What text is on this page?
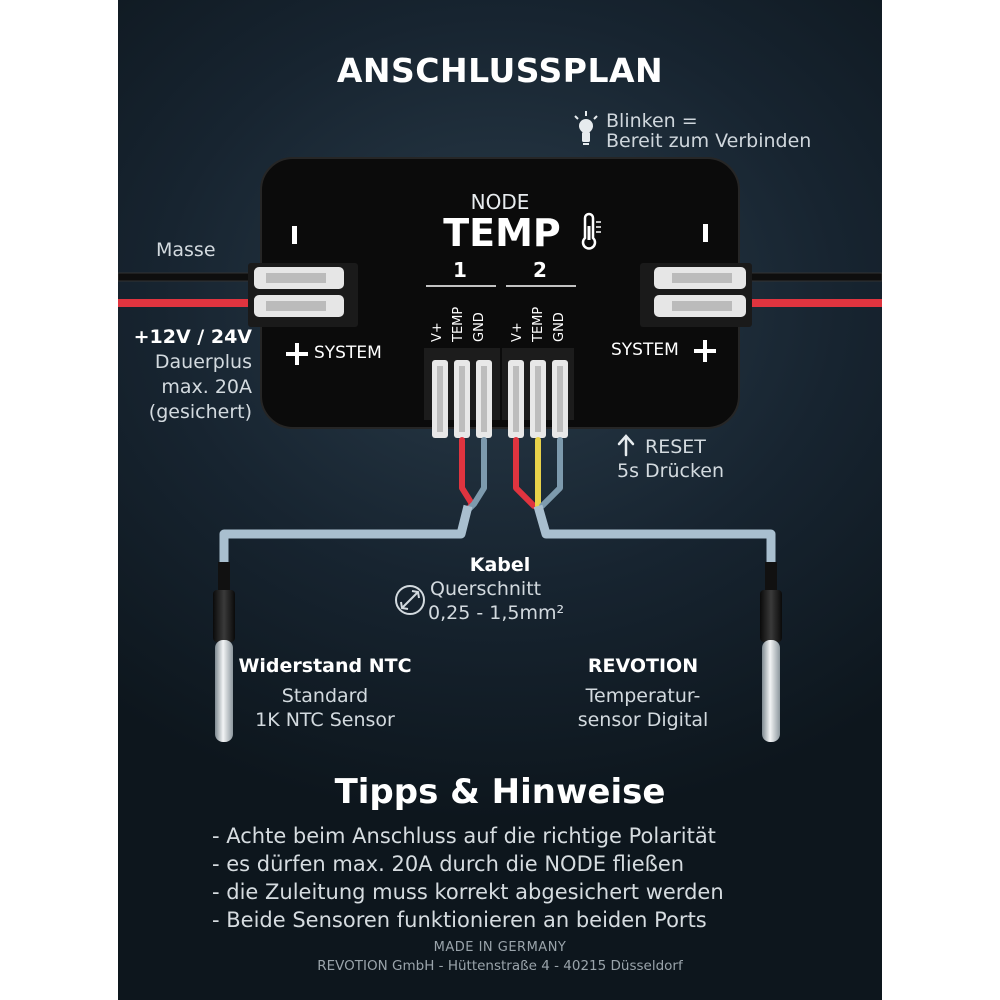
ANSCHLUSSPLAN
Blinken =
Bereit zum Verbinden
NODE
TEMP
Masse
+12V / 24V
Dauerplus
max. 20A
(gesichert)
SYSTEM	SYSTEM
1	2
V+ TEMP GND V+ TEMP GND
RESET
5s Drücken
Kabel
Querschnitt
0,25 - 1,5mm²
Widerstand NTC
Standard
1K NTC Sensor
REVOTION
Temperatur-
sensor Digital
Tipps & Hinweise
- Achte beim Anschluss auf die richtige Polarität
- es dürfen max. 20A durch die NODE fließen
- die Zuleitung muss korrekt abgesichert werden
- Beide Sensoren funktionieren an beiden Ports
MADE IN GERMANY
REVOTION GmbH - Hüttenstraße 4 - 40215 Düsseldorf
